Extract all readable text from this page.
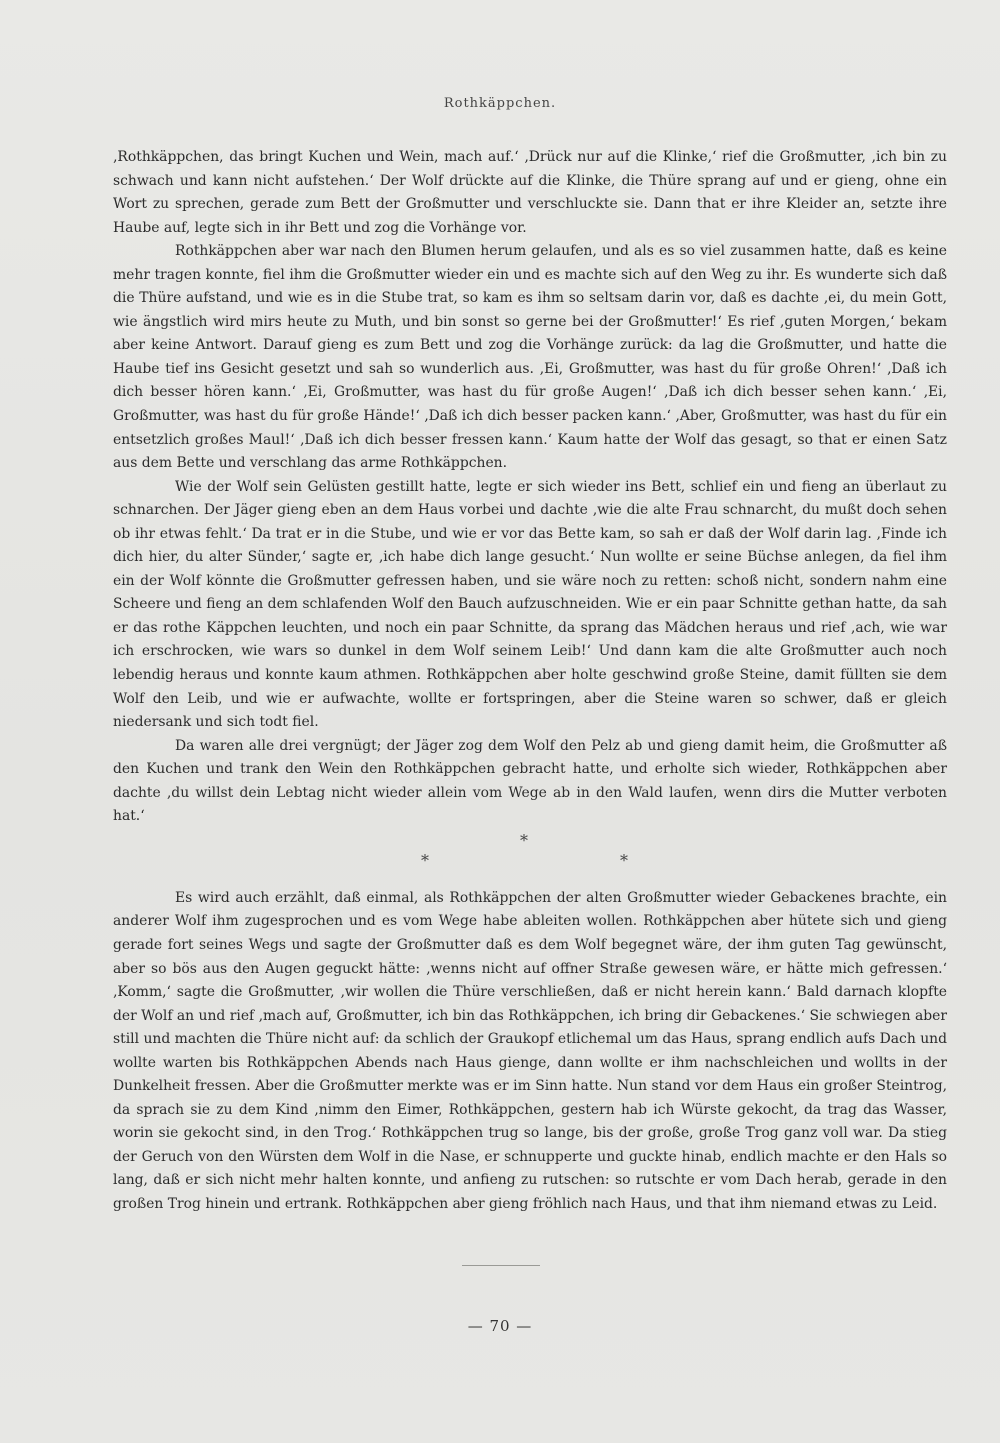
Rothkäppchen.

‚Rothkäppchen, das bringt Kuchen und Wein, mach auf.‘ ‚Drück nur auf die Klinke,‘ rief die Großmutter, ‚ich bin zu schwach und kann nicht aufstehen.‘ Der Wolf drückte auf die Klinke, die Thüre sprang auf und er gieng, ohne ein Wort zu sprechen, gerade zum Bett der Großmutter und verschluckte sie. Dann that er ihre Kleider an, setzte ihre Haube auf, legte sich in ihr Bett und zog die Vorhänge vor.

Rothkäppchen aber war nach den Blumen herum gelaufen, und als es so viel zusammen hatte, daß es keine mehr tragen konnte, fiel ihm die Großmutter wieder ein und es machte sich auf den Weg zu ihr. Es wunderte sich daß die Thüre aufstand, und wie es in die Stube trat, so kam es ihm so seltsam darin vor, daß es dachte ‚ei, du mein Gott, wie ängstlich wird mirs heute zu Muth, und bin sonst so gerne bei der Großmutter!‘ Es rief ‚guten Morgen,‘ bekam aber keine Antwort. Darauf gieng es zum Bett und zog die Vorhänge zurück: da lag die Großmutter, und hatte die Haube tief ins Gesicht gesetzt und sah so wunderlich aus. ‚Ei, Großmutter, was hast du für große Ohren!‘ ‚Daß ich dich besser hören kann.‘ ‚Ei, Großmutter, was hast du für große Augen!‘ ‚Daß ich dich besser sehen kann.‘ ‚Ei, Großmutter, was hast du für große Hände!‘ ‚Daß ich dich besser packen kann.‘ ‚Aber, Großmutter, was hast du für ein entsetzlich großes Maul!‘ ‚Daß ich dich besser fressen kann.‘ Kaum hatte der Wolf das gesagt, so that er einen Satz aus dem Bette und verschlang das arme Rothkäppchen.

Wie der Wolf sein Gelüsten gestillt hatte, legte er sich wieder ins Bett, schlief ein und fieng an überlaut zu schnarchen. Der Jäger gieng eben an dem Haus vorbei und dachte ‚wie die alte Frau schnarcht, du mußt doch sehen ob ihr etwas fehlt.‘ Da trat er in die Stube, und wie er vor das Bette kam, so sah er daß der Wolf darin lag. ‚Finde ich dich hier, du alter Sünder,‘ sagte er, ‚ich habe dich lange gesucht.‘ Nun wollte er seine Büchse anlegen, da fiel ihm ein der Wolf könnte die Großmutter gefressen haben, und sie wäre noch zu retten: schoß nicht, sondern nahm eine Scheere und fieng an dem schlafenden Wolf den Bauch aufzuschneiden. Wie er ein paar Schnitte gethan hatte, da sah er das rothe Käppchen leuchten, und noch ein paar Schnitte, da sprang das Mädchen heraus und rief ‚ach, wie war ich erschrocken, wie wars so dunkel in dem Wolf seinem Leib!‘ Und dann kam die alte Großmutter auch noch lebendig heraus und konnte kaum athmen. Rothkäppchen aber holte geschwind große Steine, damit füllten sie dem Wolf den Leib, und wie er aufwachte, wollte er fortspringen, aber die Steine waren so schwer, daß er gleich niedersank und sich todt fiel.

Da waren alle drei vergnügt; der Jäger zog dem Wolf den Pelz ab und gieng damit heim, die Großmutter aß den Kuchen und trank den Wein den Rothkäppchen gebracht hatte, und erholte sich wieder, Rothkäppchen aber dachte ‚du willst dein Lebtag nicht wieder allein vom Wege ab in den Wald laufen, wenn dirs die Mutter verboten hat.‘

*
*	*

Es wird auch erzählt, daß einmal, als Rothkäppchen der alten Großmutter wieder Gebackenes brachte, ein anderer Wolf ihm zugesprochen und es vom Wege habe ableiten wollen. Rothkäppchen aber hütete sich und gieng gerade fort seines Wegs und sagte der Großmutter daß es dem Wolf begegnet wäre, der ihm guten Tag gewünscht, aber so bös aus den Augen geguckt hätte: ‚wenns nicht auf offner Straße gewesen wäre, er hätte mich gefressen.‘ ‚Komm,‘ sagte die Großmutter, ‚wir wollen die Thüre verschließen, daß er nicht herein kann.‘ Bald darnach klopfte der Wolf an und rief ‚mach auf, Großmutter, ich bin das Rothkäppchen, ich bring dir Gebackenes.‘ Sie schwiegen aber still und machten die Thüre nicht auf: da schlich der Graukopf etlichemal um das Haus, sprang endlich aufs Dach und wollte warten bis Rothkäppchen Abends nach Haus gienge, dann wollte er ihm nachschleichen und wollts in der Dunkelheit fressen. Aber die Großmutter merkte was er im Sinn hatte. Nun stand vor dem Haus ein großer Steintrog, da sprach sie zu dem Kind ‚nimm den Eimer, Rothkäppchen, gestern hab ich Würste gekocht, da trag das Wasser, worin sie gekocht sind, in den Trog.‘ Rothkäppchen trug so lange, bis der große, große Trog ganz voll war. Da stieg der Geruch von den Würsten dem Wolf in die Nase, er schnupperte und guckte hinab, endlich machte er den Hals so lang, daß er sich nicht mehr halten konnte, und anfieng zu rutschen: so rutschte er vom Dach herab, gerade in den großen Trog hinein und ertrank. Rothkäppchen aber gieng fröhlich nach Haus, und that ihm niemand etwas zu Leid.

— 70 —
